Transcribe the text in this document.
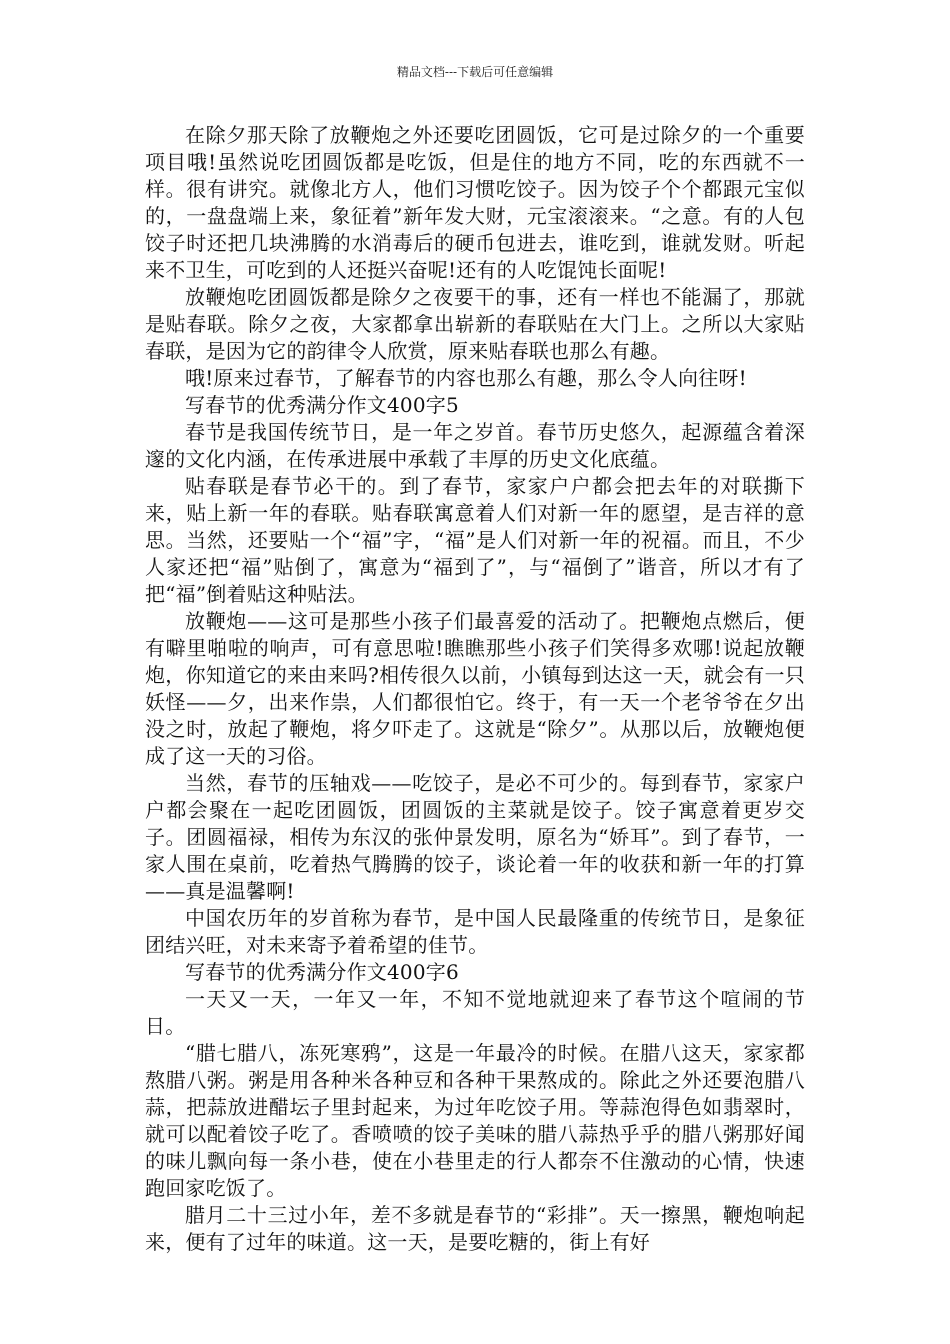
精品文档---下载后可任意编辑

在除夕那天除了放鞭炮之外还要吃团圆饭，它可是过除夕的一个重要项目哦!虽然说吃团圆饭都是吃饭，但是住的地方不同，吃的东西就不一样。很有讲究。就像北方人，他们习惯吃饺子。因为饺子个个都跟元宝似的，一盘盘端上来，象征着”新年发大财，元宝滚滚来。“之意。有的人包饺子时还把几块沸腾的水消毒后的硬币包进去，谁吃到，谁就发财。听起来不卫生，可吃到的人还挺兴奋呢!还有的人吃馄饨长面呢!

放鞭炮吃团圆饭都是除夕之夜要干的事，还有一样也不能漏了，那就是贴春联。除夕之夜，大家都拿出崭新的春联贴在大门上。之所以大家贴春联，是因为它的韵律令人欣赏，原来贴春联也那么有趣。

哦!原来过春节，了解春节的内容也那么有趣，那么令人向往呀!

写春节的优秀满分作文400字5

春节是我国传统节日，是一年之岁首。春节历史悠久，起源蕴含着深邃的文化内涵，在传承进展中承载了丰厚的历史文化底蕴。

贴春联是春节必干的。到了春节，家家户户都会把去年的对联撕下来，贴上新一年的春联。贴春联寓意着人们对新一年的愿望，是吉祥的意思。当然，还要贴一个“福”字，“福”是人们对新一年的祝福。而且，不少人家还把“福”贴倒了，寓意为“福到了”，与“福倒了”谐音，所以才有了把“福”倒着贴这种贴法。

放鞭炮——这可是那些小孩子们最喜爱的活动了。把鞭炮点燃后，便有噼里啪啦的响声，可有意思啦!瞧瞧那些小孩子们笑得多欢哪!说起放鞭炮，你知道它的来由来吗?相传很久以前，小镇每到达这一天，就会有一只妖怪——夕，出来作祟，人们都很怕它。终于，有一天一个老爷爷在夕出没之时，放起了鞭炮，将夕吓走了。这就是“除夕”。从那以后，放鞭炮便成了这一天的习俗。

当然，春节的压轴戏——吃饺子，是必不可少的。每到春节，家家户户都会聚在一起吃团圆饭，团圆饭的主菜就是饺子。饺子寓意着更岁交子。团圆福禄，相传为东汉的张仲景发明，原名为“娇耳”。到了春节，一家人围在桌前，吃着热气腾腾的饺子，谈论着一年的收获和新一年的打算——真是温馨啊!

中国农历年的岁首称为春节，是中国人民最隆重的传统节日，是象征团结兴旺，对未来寄予着希望的佳节。

写春节的优秀满分作文400字6

一天又一天，一年又一年，不知不觉地就迎来了春节这个喧闹的节日。

“腊七腊八，冻死寒鸦”，这是一年最冷的时候。在腊八这天，家家都熬腊八粥。粥是用各种米各种豆和各种干果熬成的。除此之外还要泡腊八蒜，把蒜放进醋坛子里封起来，为过年吃饺子用。等蒜泡得色如翡翠时，就可以配着饺子吃了。香喷喷的饺子美味的腊八蒜热乎乎的腊八粥那好闻的味儿飘向每一条小巷，使在小巷里走的行人都奈不住激动的心情，快速跑回家吃饭了。

腊月二十三过小年，差不多就是春节的“彩排”。天一擦黑，鞭炮响起来，便有了过年的味道。这一天，是要吃糖的，街上有好
